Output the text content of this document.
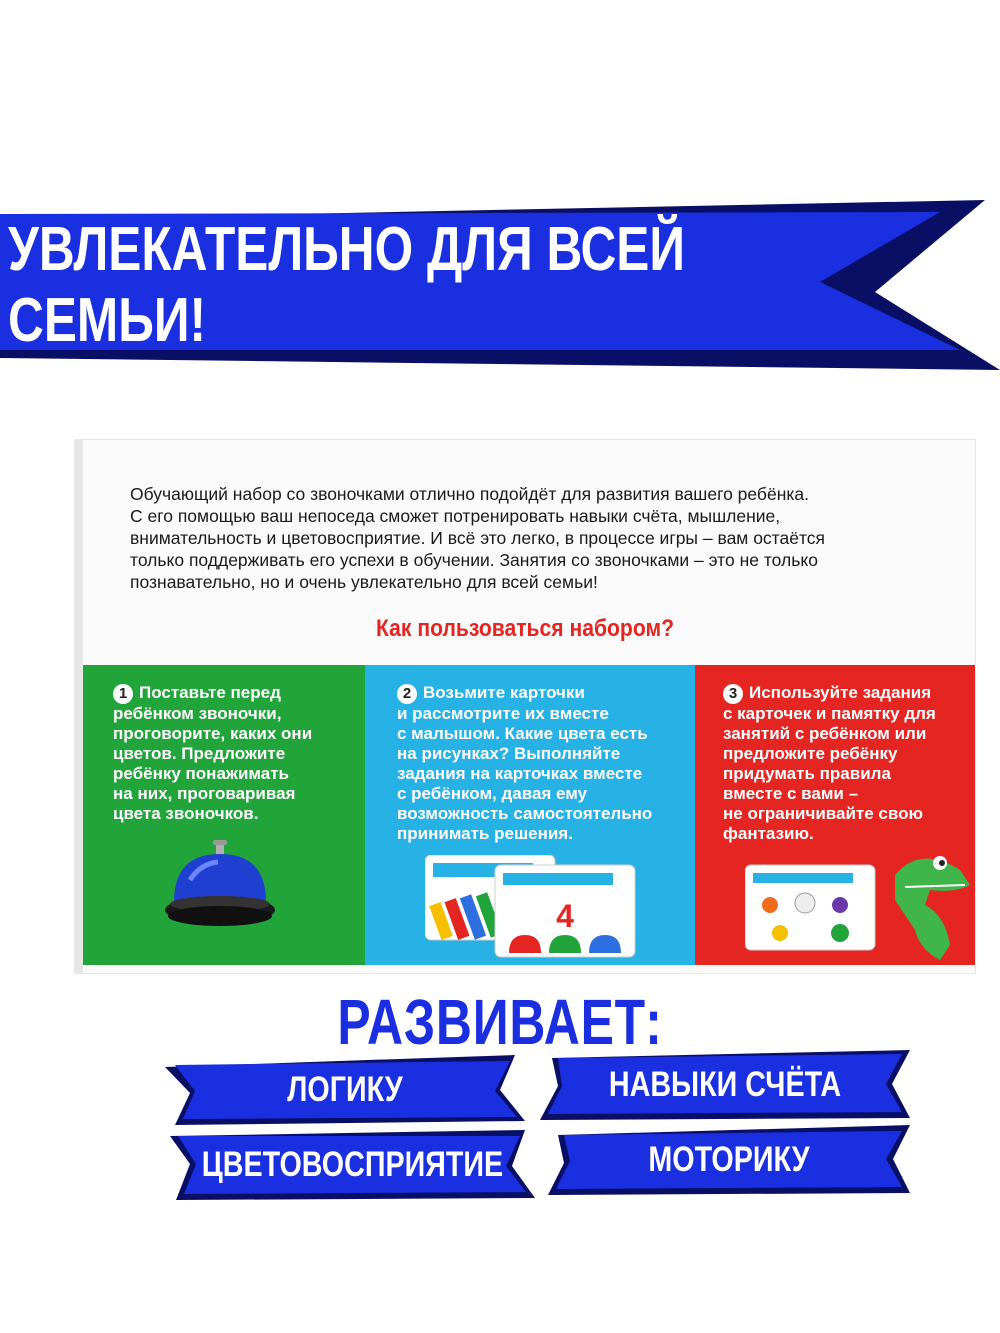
УВЛЕКАТЕЛЬНО ДЛЯ ВСЕЙ СЕМЬИ!
Обучающий набор со звоночками отлично подойдёт для развития вашего ребёнка.
С его помощью ваш непоседа сможет потренировать навыки счёта, мышление,
внимательность и цветовосприятие. И всё это легко, в процессе игры – вам остаётся
только поддерживать его успехи в обучении. Занятия со звоночками – это не только
познавательно, но и очень увлекательно для всей семьи!
Как пользоваться набором?
1 Поставьте перед
ребёнком звоночки,
проговорите, каких они
цветов. Предложите
ребёнку понажимать
на них, проговаривая
цвета звоночков.
2 Возьмите карточки
и рассмотрите их вместе
с малышом. Какие цвета есть
на рисунках? Выполняйте
задания на карточках вместе
с ребёнком, давая ему
возможность самостоятельно
принимать решения.
4
3 Используйте задания
с карточек и памятку для
занятий с ребёнком или
предложите ребёнку
придумать правила
вместе с вами –
не ограничивайте свою
фантазию.
РАЗВИВАЕТ:
ЛОГИКУ	НАВЫКИ СЧЁТА
ЦВЕТОВОСПРИЯТИЕ	МОТОРИКУ
